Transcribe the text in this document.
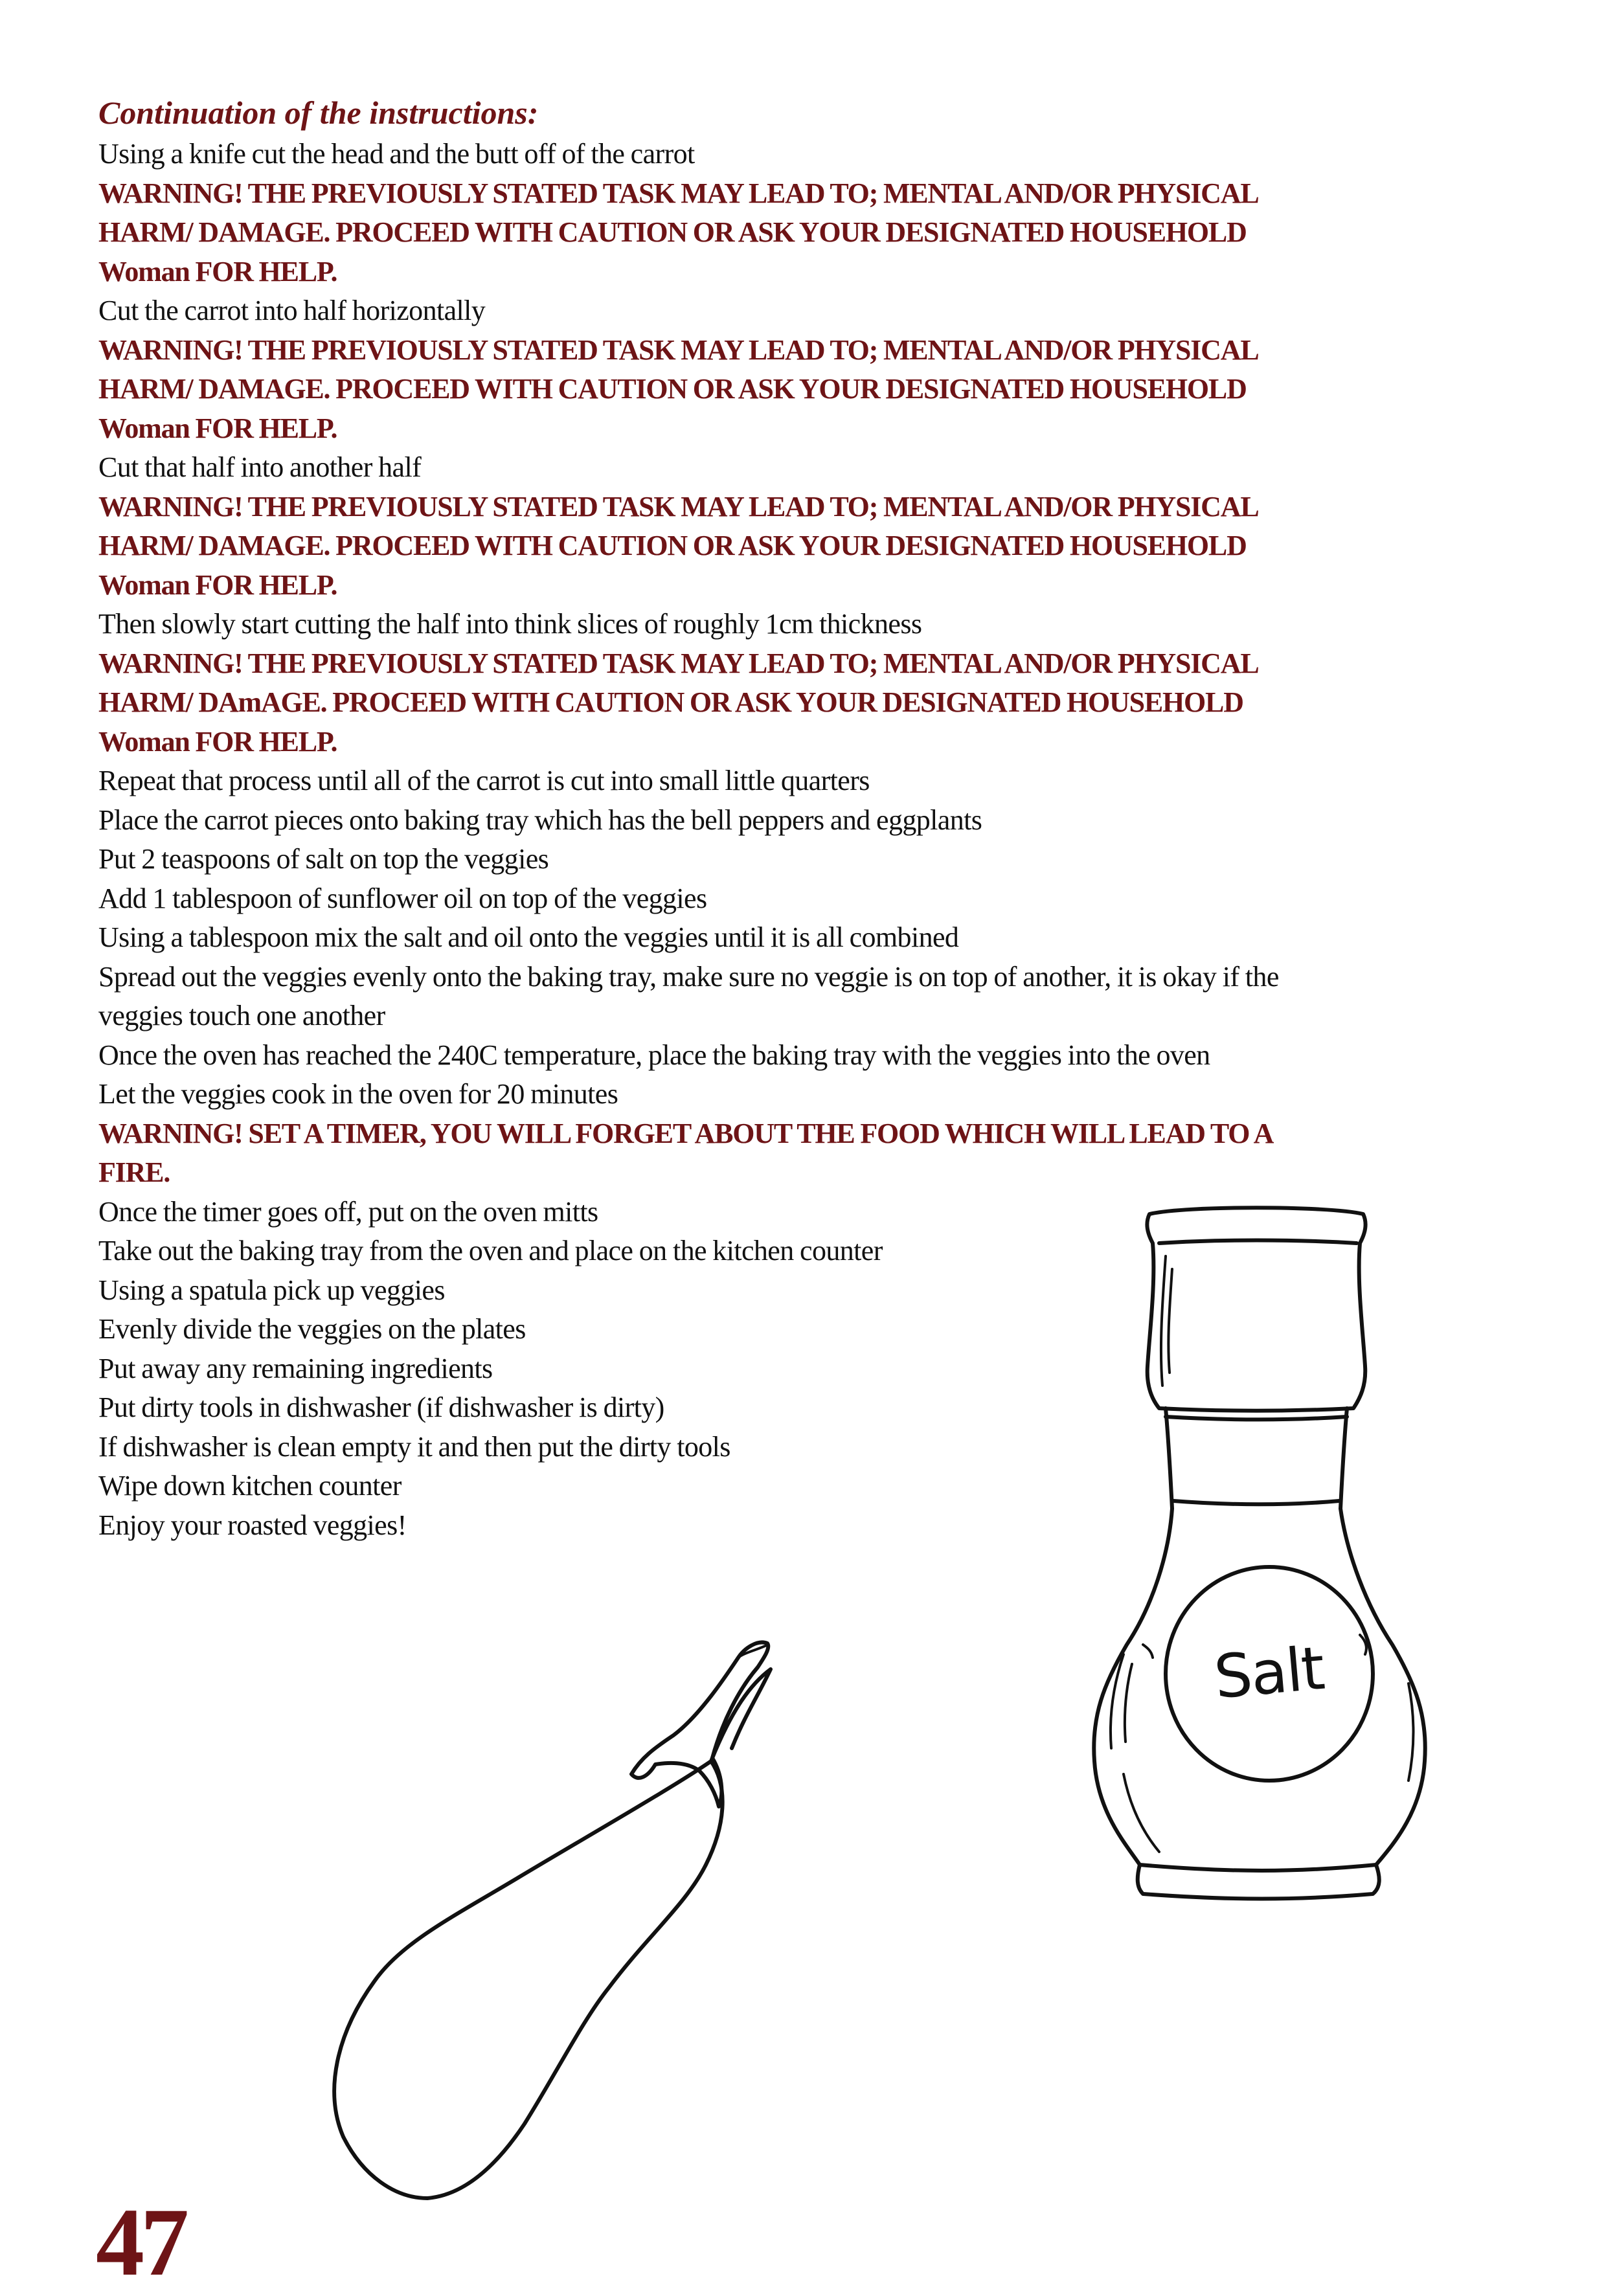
Continuation of the instructions:

Using a knife cut the head and the butt off of the carrot

WARNING! THE PREVIOUSLY STATED TASK MAY LEAD TO; MENTAL AND/OR PHYSICAL

HARM/ DAMAGE. PROCEED WITH CAUTION OR ASK YOUR DESIGNATED HOUSEHOLD

Woman FOR HELP.

Cut the carrot into half horizontally

WARNING! THE PREVIOUSLY STATED TASK MAY LEAD TO; MENTAL AND/OR PHYSICAL

HARM/ DAMAGE. PROCEED WITH CAUTION OR ASK YOUR DESIGNATED HOUSEHOLD

Woman FOR HELP.

Cut that half into another half

WARNING! THE PREVIOUSLY STATED TASK MAY LEAD TO; MENTAL AND/OR PHYSICAL

HARM/ DAMAGE. PROCEED WITH CAUTION OR ASK YOUR DESIGNATED HOUSEHOLD

Woman FOR HELP.

Then slowly start cutting the half into think slices of roughly 1cm thickness

WARNING! THE PREVIOUSLY STATED TASK MAY LEAD TO; MENTAL AND/OR PHYSICAL

HARM/ DAmAGE. PROCEED WITH CAUTION OR ASK YOUR DESIGNATED HOUSEHOLD

Woman FOR HELP.

Repeat that process until all of the carrot is cut into small little quarters

Place the carrot pieces onto baking tray which has the bell peppers and eggplants

Put 2 teaspoons of salt on top the veggies

Add 1 tablespoon of sunflower oil on top of the veggies

Using a tablespoon mix the salt and oil onto the veggies until it is all combined

Spread out the veggies evenly onto the baking tray, make sure no veggie is on top of another, it is okay if the

veggies touch one another

Once the oven has reached the 240C temperature, place the baking tray with the veggies into the oven

Let the veggies cook in the oven for 20 minutes

WARNING! SET A TIMER, YOU WILL FORGET ABOUT THE FOOD WHICH WILL LEAD TO A

FIRE.

Once the timer goes off, put on the oven mitts

Take out the baking tray from the oven and place on the kitchen counter

Using a spatula pick up veggies

Evenly divide the veggies on the plates

Put away any remaining ingredients

Put dirty tools in dishwasher (if dishwasher is dirty)

If dishwasher is clean empty it and then put the dirty tools

Wipe down kitchen counter

Enjoy your roasted veggies!

Salt

47
